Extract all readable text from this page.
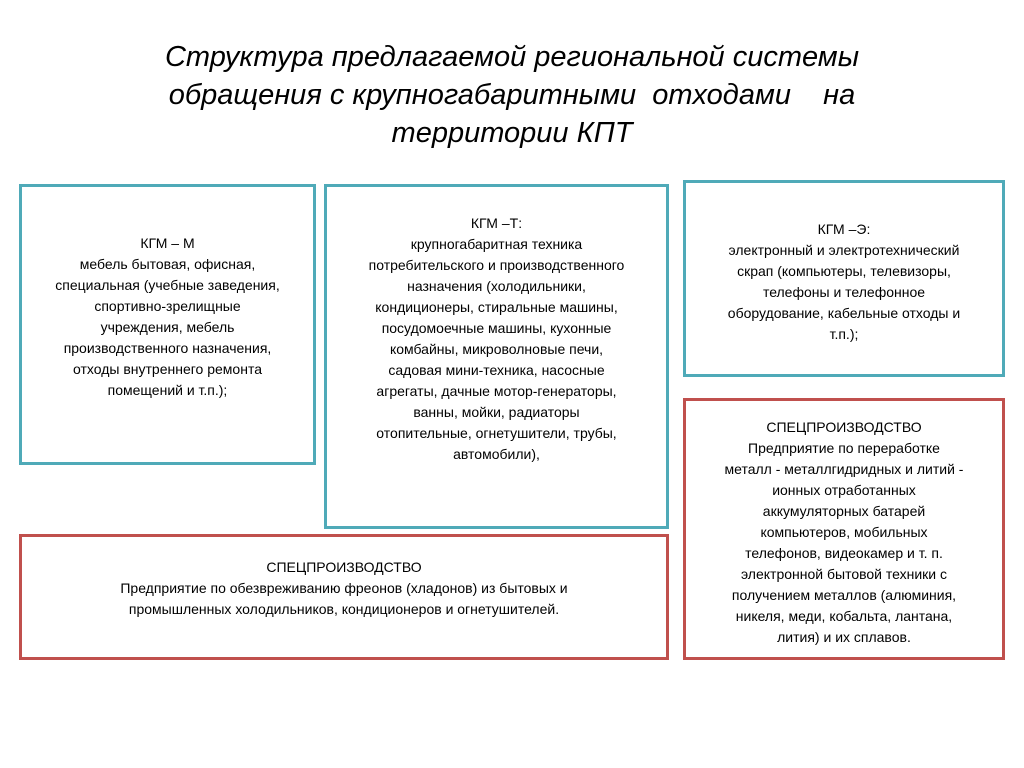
Структура предлагаемой региональной системы обращения с крупногабаритными  отходами    на территории КПТ
КГМ – М
мебель бытовая, офисная,
специальная (учебные заведения,
спортивно-зрелищные
учреждения, мебель
производственного назначения,
отходы внутреннего ремонта
помещений и т.п.);
КГМ –Т:
крупногабаритная техника
потребительского и производственного
назначения (холодильники,
кондиционеры, стиральные машины,
посудомоечные машины, кухонные
комбайны, микроволновые печи,
садовая мини-техника, насосные
агрегаты, дачные мотор-генераторы,
ванны, мойки, радиаторы
отопительные, огнетушители, трубы,
автомобили),
КГМ –Э:
электронный и электротехнический
скрап (компьютеры, телевизоры,
телефоны и телефонное
оборудование, кабельные отходы и
т.п.);
СПЕЦПРОИЗВОДСТВО
Предприятие по переработке
металл - металлгидридных и литий -
ионных отработанных
аккумуляторных батарей
компьютеров, мобильных
телефонов, видеокамер и т. п.
электронной бытовой техники с
получением металлов (алюминия,
никеля, меди, кобальта, лантана,
лития) и их сплавов.
СПЕЦПРОИЗВОДСТВО
Предприятие по обезвреживанию фреонов (хладонов) из бытовых и
промышленных холодильников, кондиционеров и огнетушителей.
